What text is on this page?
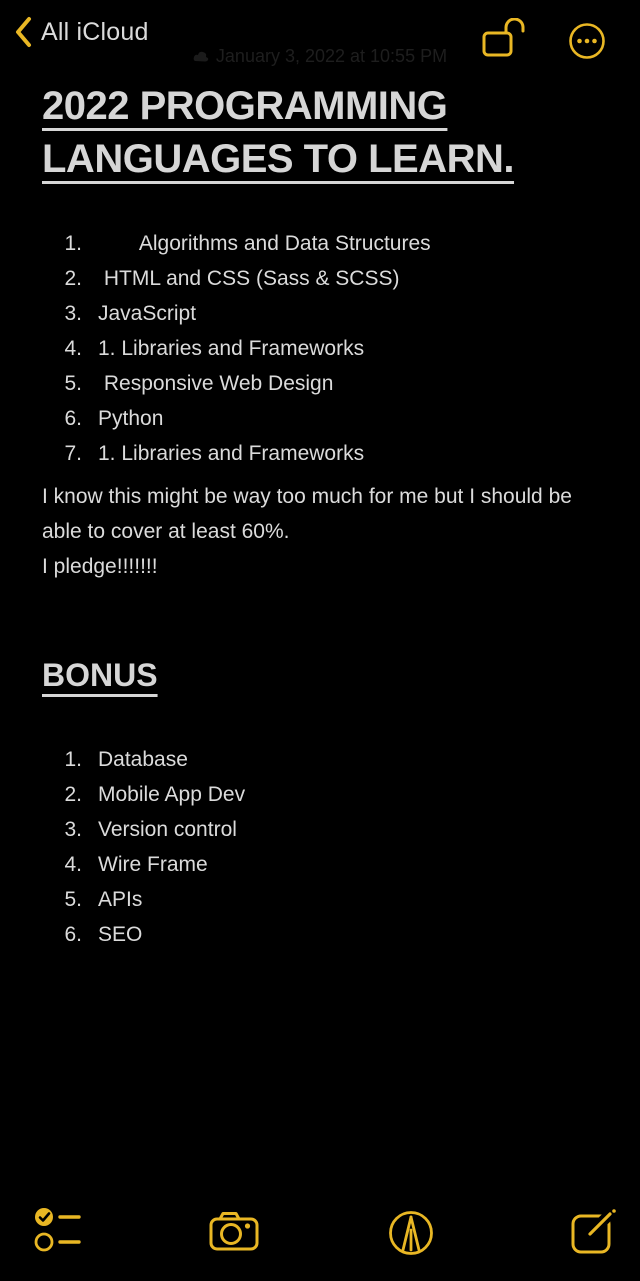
All iCloud
January 3, 2022 at 10:55 PM
2022 PROGRAMMING LANGUAGES TO LEARN.
1. Algorithms and Data Structures
2. HTML and CSS (Sass & SCSS)
3. JavaScript
4. 1. Libraries and Frameworks
5. Responsive Web Design
6. Python
7. 1. Libraries and Frameworks
I know this might be way too much for me but I should be able to cover at least 60%.
I pledge!!!!!!!
BONUS
1. Database
2. Mobile App Dev
3. Version control
4. Wire Frame
5. APIs
6. SEO
